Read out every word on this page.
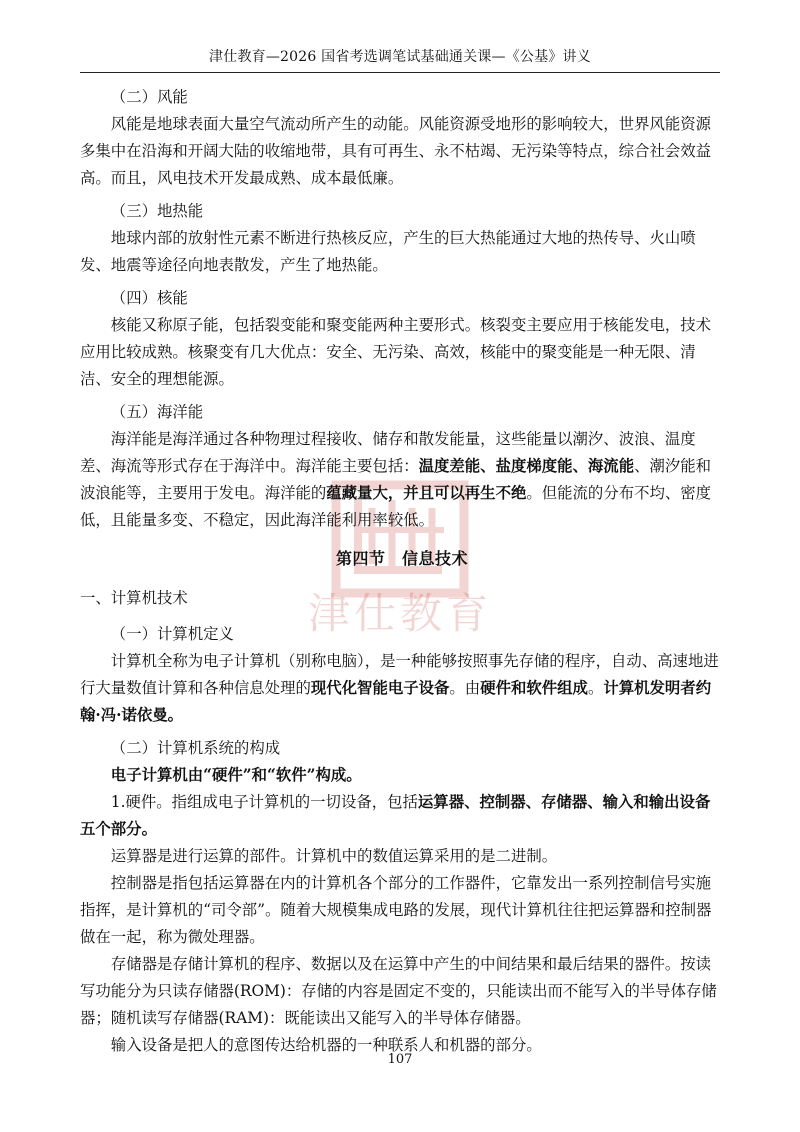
津仕教育
津仕教育—2026 国省考选调笔试基础通关课—《公基》讲义

（二）风能

风能是地球表面大量空气流动所产生的动能。风能资源受地形的影响较大，世界风能资源多集中在沿海和开阔大陆的收缩地带，具有可再生、永不枯竭、无污染等特点，综合社会效益高。而且，风电技术开发最成熟、成本最低廉。

（三）地热能

地球内部的放射性元素不断进行热核反应，产生的巨大热能通过大地的热传导、火山喷发、地震等途径向地表散发，产生了地热能。

（四）核能

核能又称原子能，包括裂变能和聚变能两种主要形式。核裂变主要应用于核能发电，技术应用比较成熟。核聚变有几大优点：安全、无污染、高效，核能中的聚变能是一种无限、清洁、安全的理想能源。

（五）海洋能

海洋能是海洋通过各种物理过程接收、储存和散发能量，这些能量以潮汐、波浪、温度差、海流等形式存在于海洋中。海洋能主要包括：温度差能、盐度梯度能、海流能、潮汐能和波浪能等，主要用于发电。海洋能的蕴藏量大，并且可以再生不绝。但能流的分布不均、密度低，且能量多变、不稳定，因此海洋能利用率较低。

第四节　信息技术

一、计算机技术

（一）计算机定义

计算机全称为电子计算机（别称电脑），是一种能够按照事先存储的程序，自动、高速地进行大量数值计算和各种信息处理的现代化智能电子设备。由硬件和软件组成。计算机发明者约翰·冯·诺依曼。

（二）计算机系统的构成

电子计算机由“硬件”和“软件”构成。

1.硬件。指组成电子计算机的一切设备，包括运算器、控制器、存储器、输入和输出设备五个部分。

运算器是进行运算的部件。计算机中的数值运算采用的是二进制。

控制器是指包括运算器在内的计算机各个部分的工作器件，它靠发出一系列控制信号实施指挥，是计算机的“司令部”。随着大规模集成电路的发展，现代计算机往往把运算器和控制器做在一起，称为微处理器。

存储器是存储计算机的程序、数据以及在运算中产生的中间结果和最后结果的器件。按读写功能分为只读存储器(ROM)：存储的内容是固定不变的，只能读出而不能写入的半导体存储器；随机读写存储器(RAM)：既能读出又能写入的半导体存储器。

输入设备是把人的意图传达给机器的一种联系人和机器的部分。

107
